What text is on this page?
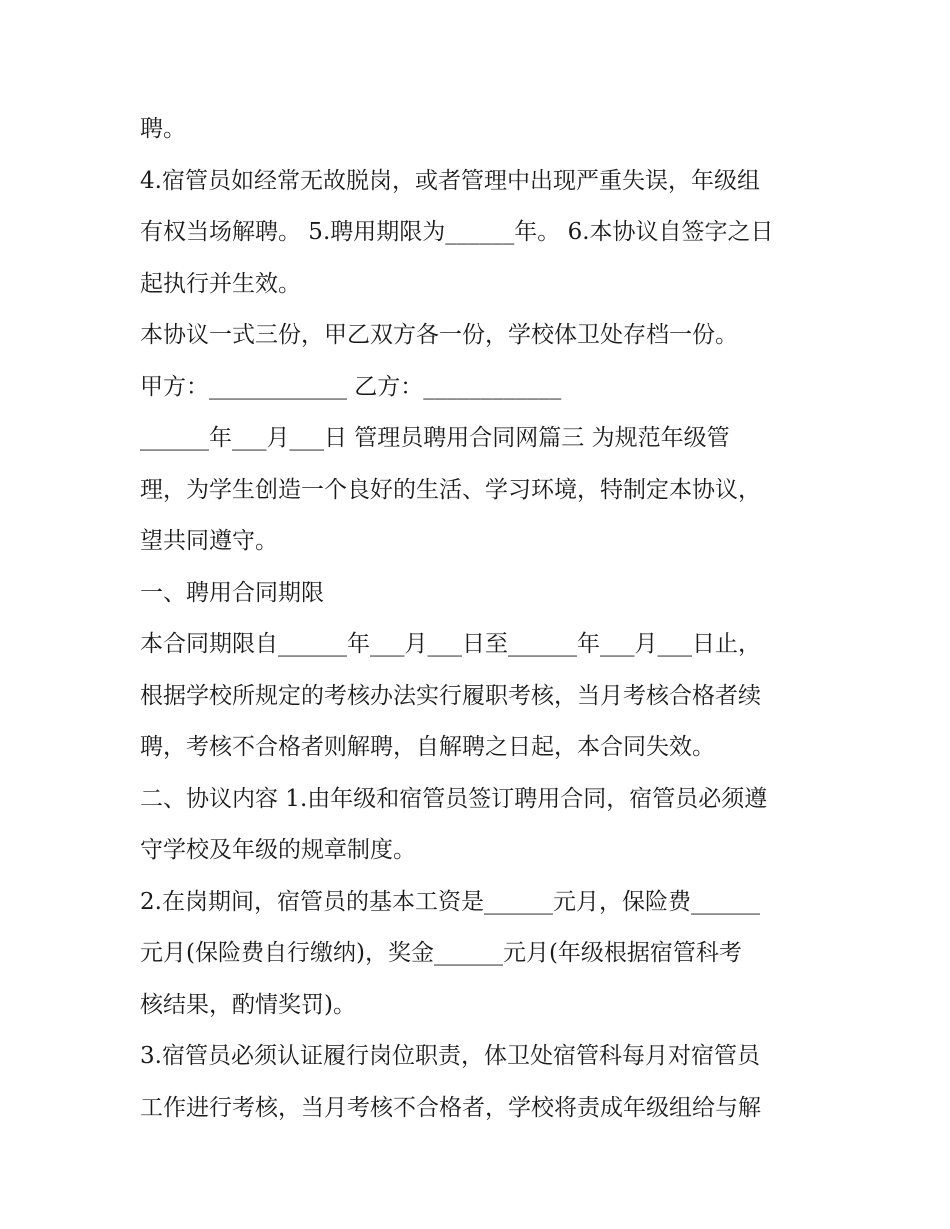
聘。

4.宿管员如经常无故脱岗，或者管理中出现严重失误，年级组

有权当场解聘。 5.聘用期限为______年。 6.本协议自签字之日

起执行并生效。

本协议一式三份，甲乙双方各一份，学校体卫处存档一份。

甲方：____________ 乙方：____________

______年___月___日 管理员聘用合同网篇三 为规范年级管

理，为学生创造一个良好的生活、学习环境，特制定本协议，

望共同遵守。

一、聘用合同期限

本合同期限自______年___月___日至______年___月___日止，

根据学校所规定的考核办法实行履职考核，当月考核合格者续

聘，考核不合格者则解聘，自解聘之日起，本合同失效。

二、协议内容 1.由年级和宿管员签订聘用合同，宿管员必须遵

守学校及年级的规章制度。

2.在岗期间，宿管员的基本工资是______元月，保险费______

元月(保险费自行缴纳)，奖金______元月(年级根据宿管科考

核结果，酌情奖罚)。

3.宿管员必须认证履行岗位职责，体卫处宿管科每月对宿管员

工作进行考核，当月考核不合格者，学校将责成年级组给与解
